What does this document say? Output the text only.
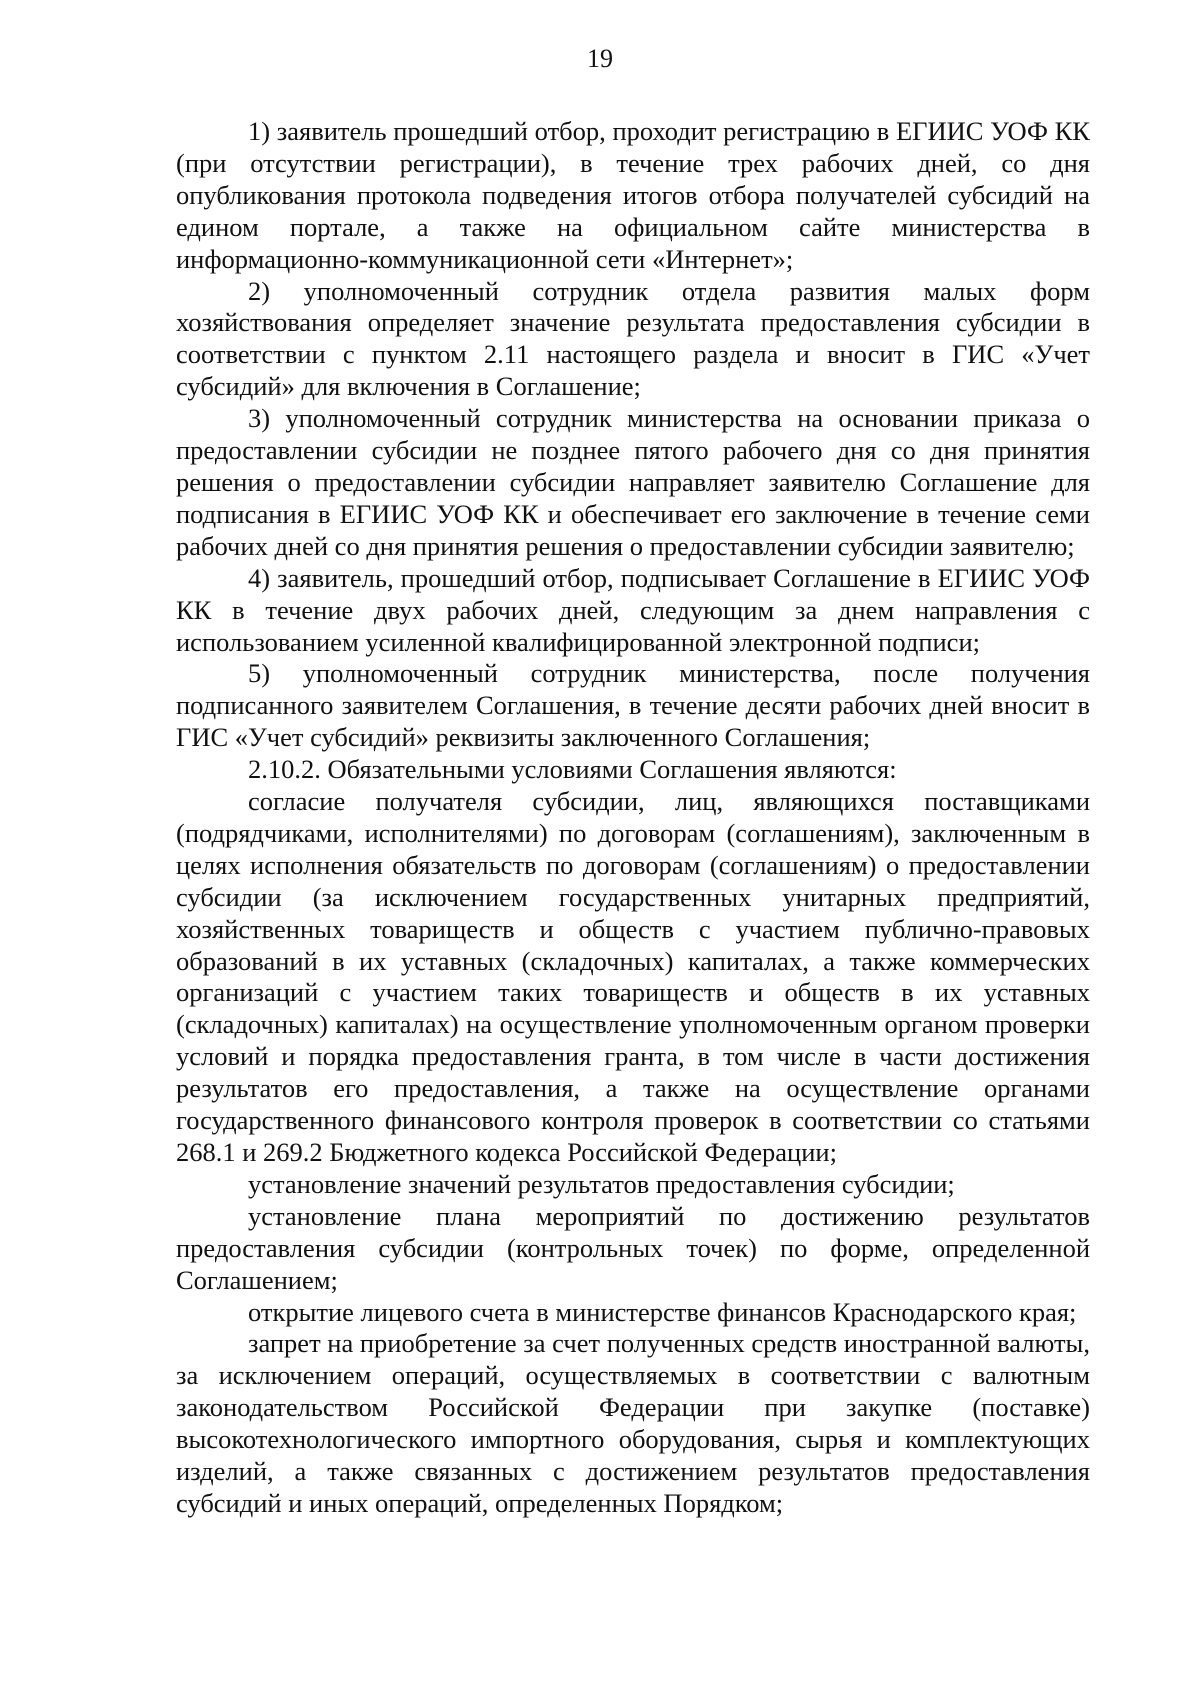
19

1) заявитель прошедший отбор, проходит регистрацию в ЕГИИС УОФ КК (при отсутствии регистрации), в течение трех рабочих дней, со дня опубликования протокола подведения итогов отбора получателей субсидий на едином портале, а также на официальном сайте министерства в информационно-коммуникационной сети «Интернет»;

2) уполномоченный сотрудник отдела развития малых форм хозяйствования определяет значение результата предоставления субсидии в соответствии с пунктом 2.11 настоящего раздела и вносит в ГИС «Учет субсидий» для включения в Соглашение;

3) уполномоченный сотрудник министерства на основании приказа о предоставлении субсидии не позднее пятого рабочего дня со дня принятия решения о предоставлении субсидии направляет заявителю Соглашение для подписания в ЕГИИС УОФ КК и обеспечивает его заключение в течение семи рабочих дней со дня принятия решения о предоставлении субсидии заявителю;

4) заявитель, прошедший отбор, подписывает Соглашение в ЕГИИС УОФ КК в течение двух рабочих дней, следующим за днем направления с использованием усиленной квалифицированной электронной подписи;

5) уполномоченный сотрудник министерства, после получения подписанного заявителем Соглашения, в течение десяти рабочих дней вносит в ГИС «Учет субсидий» реквизиты заключенного Соглашения;

2.10.2. Обязательными условиями Соглашения являются:

согласие получателя субсидии, лиц, являющихся поставщиками (подрядчиками, исполнителями) по договорам (соглашениям), заключенным в целях исполнения обязательств по договорам (соглашениям) о предоставлении субсидии (за исключением государственных унитарных предприятий, хозяйственных товариществ и обществ с участием публично-правовых образований в их уставных (складочных) капиталах, а также коммерческих организаций с участием таких товариществ и обществ в их уставных (складочных) капиталах) на осуществление уполномоченным органом проверки условий и порядка предоставления гранта, в том числе в части достижения результатов его предоставления, а также на осуществление органами государственного финансового контроля проверок в соответствии со статьями 268.1 и 269.2 Бюджетного кодекса Российской Федерации;

установление значений результатов предоставления субсидии;

установление плана мероприятий по достижению результатов предоставления субсидии (контрольных точек) по форме, определенной Соглашением;

открытие лицевого счета в министерстве финансов Краснодарского края;

запрет на приобретение за счет полученных средств иностранной валюты, за исключением операций, осуществляемых в соответствии с валютным законодательством Российской Федерации при закупке (поставке) высокотехнологического импортного оборудования, сырья и комплектующих изделий, а также связанных с достижением результатов предоставления субсидий и иных операций, определенных Порядком;
